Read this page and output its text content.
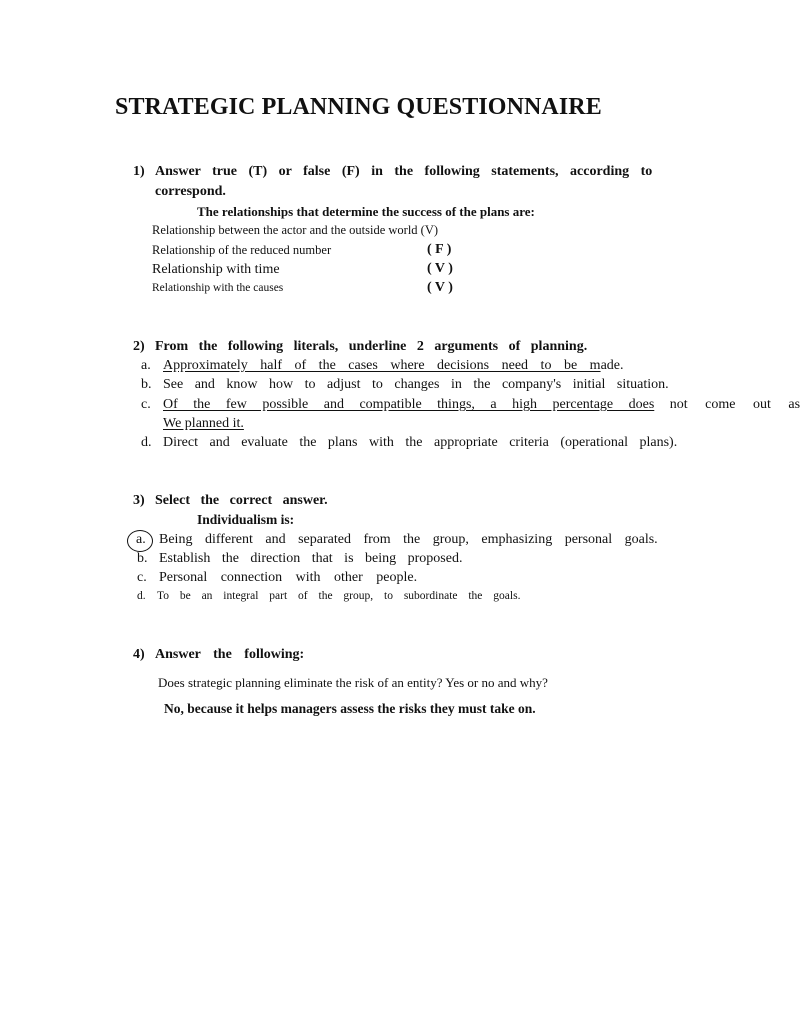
STRATEGIC PLANNING QUESTIONNAIRE
1) Answer true (T) or false (F) in the following statements, according to
correspond.
The relationships that determine the success of the plans are:
Relationship between the actor and the outside world (V)
Relationship of the reduced number	( F )
Relationship with time	( V )
Relationship with the causes	( V )
2) From the following literals, underline 2 arguments of planning.
a. Approximately half of the cases where decisions need to be made.
b. See and know how to adjust to changes in the company's initial situation.
c. Of the few possible and compatible things, a high percentage does not come out as
We planned it.
d. Direct and evaluate the plans with the appropriate criteria (operational plans).
3) Select the correct answer.
Individualism is:
a. Being different and separated from the group, emphasizing personal goals.
b. Establish the direction that is being proposed.
c. Personal connection with other people.
d. To be an integral part of the group, to subordinate the goals.
4) Answer the following:
Does strategic planning eliminate the risk of an entity? Yes or no and why?
No, because it helps managers assess the risks they must take on.
